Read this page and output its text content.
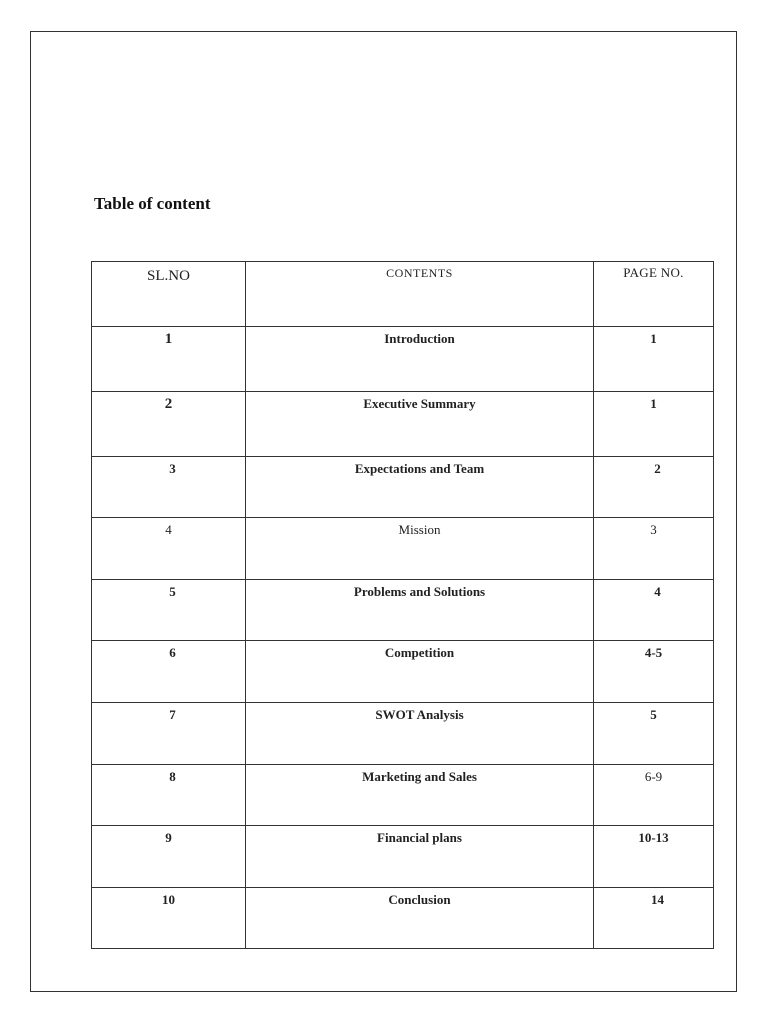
Table of content
SL.NO	CONTENTS	PAGE NO.
1	Introduction	1
2	Executive Summary	1
3	Expectations and Team	2
4	Mission	3
5	Problems and Solutions	4
6	Competition	4-5
7	SWOT Analysis	5
8	Marketing and Sales	6-9
9	Financial plans	10-13
10	Conclusion	14
